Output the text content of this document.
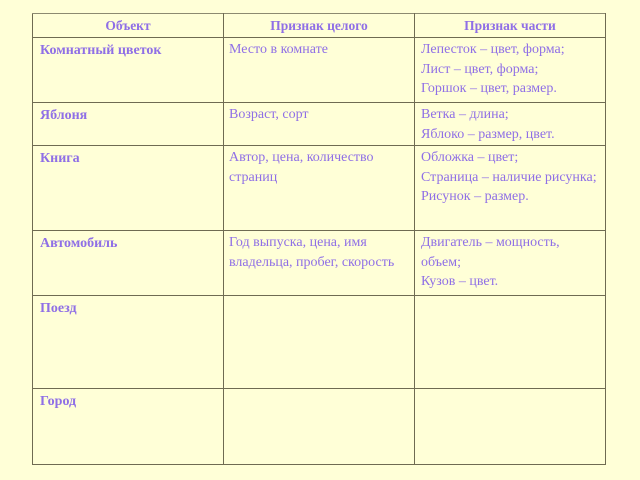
Объект	Признак целого	Признак части
Комнатный цветок	Место в комнате	Лепесток – цвет, форма;
Лист – цвет, форма;
Горшок – цвет, размер.

Яблоня	Возраст, сорт	Ветка – длина;
Яблоко – размер, цвет.

Книга	Автор, цена, количество страниц	Обложка – цвет;
Страница – наличие рисунка;
Рисунок – размер.

Автомобиль	Год выпуска, цена, имя владельца, пробег, скорость	Двигатель – мощность, объем;
Кузов – цвет.

Поезд		
Город		
